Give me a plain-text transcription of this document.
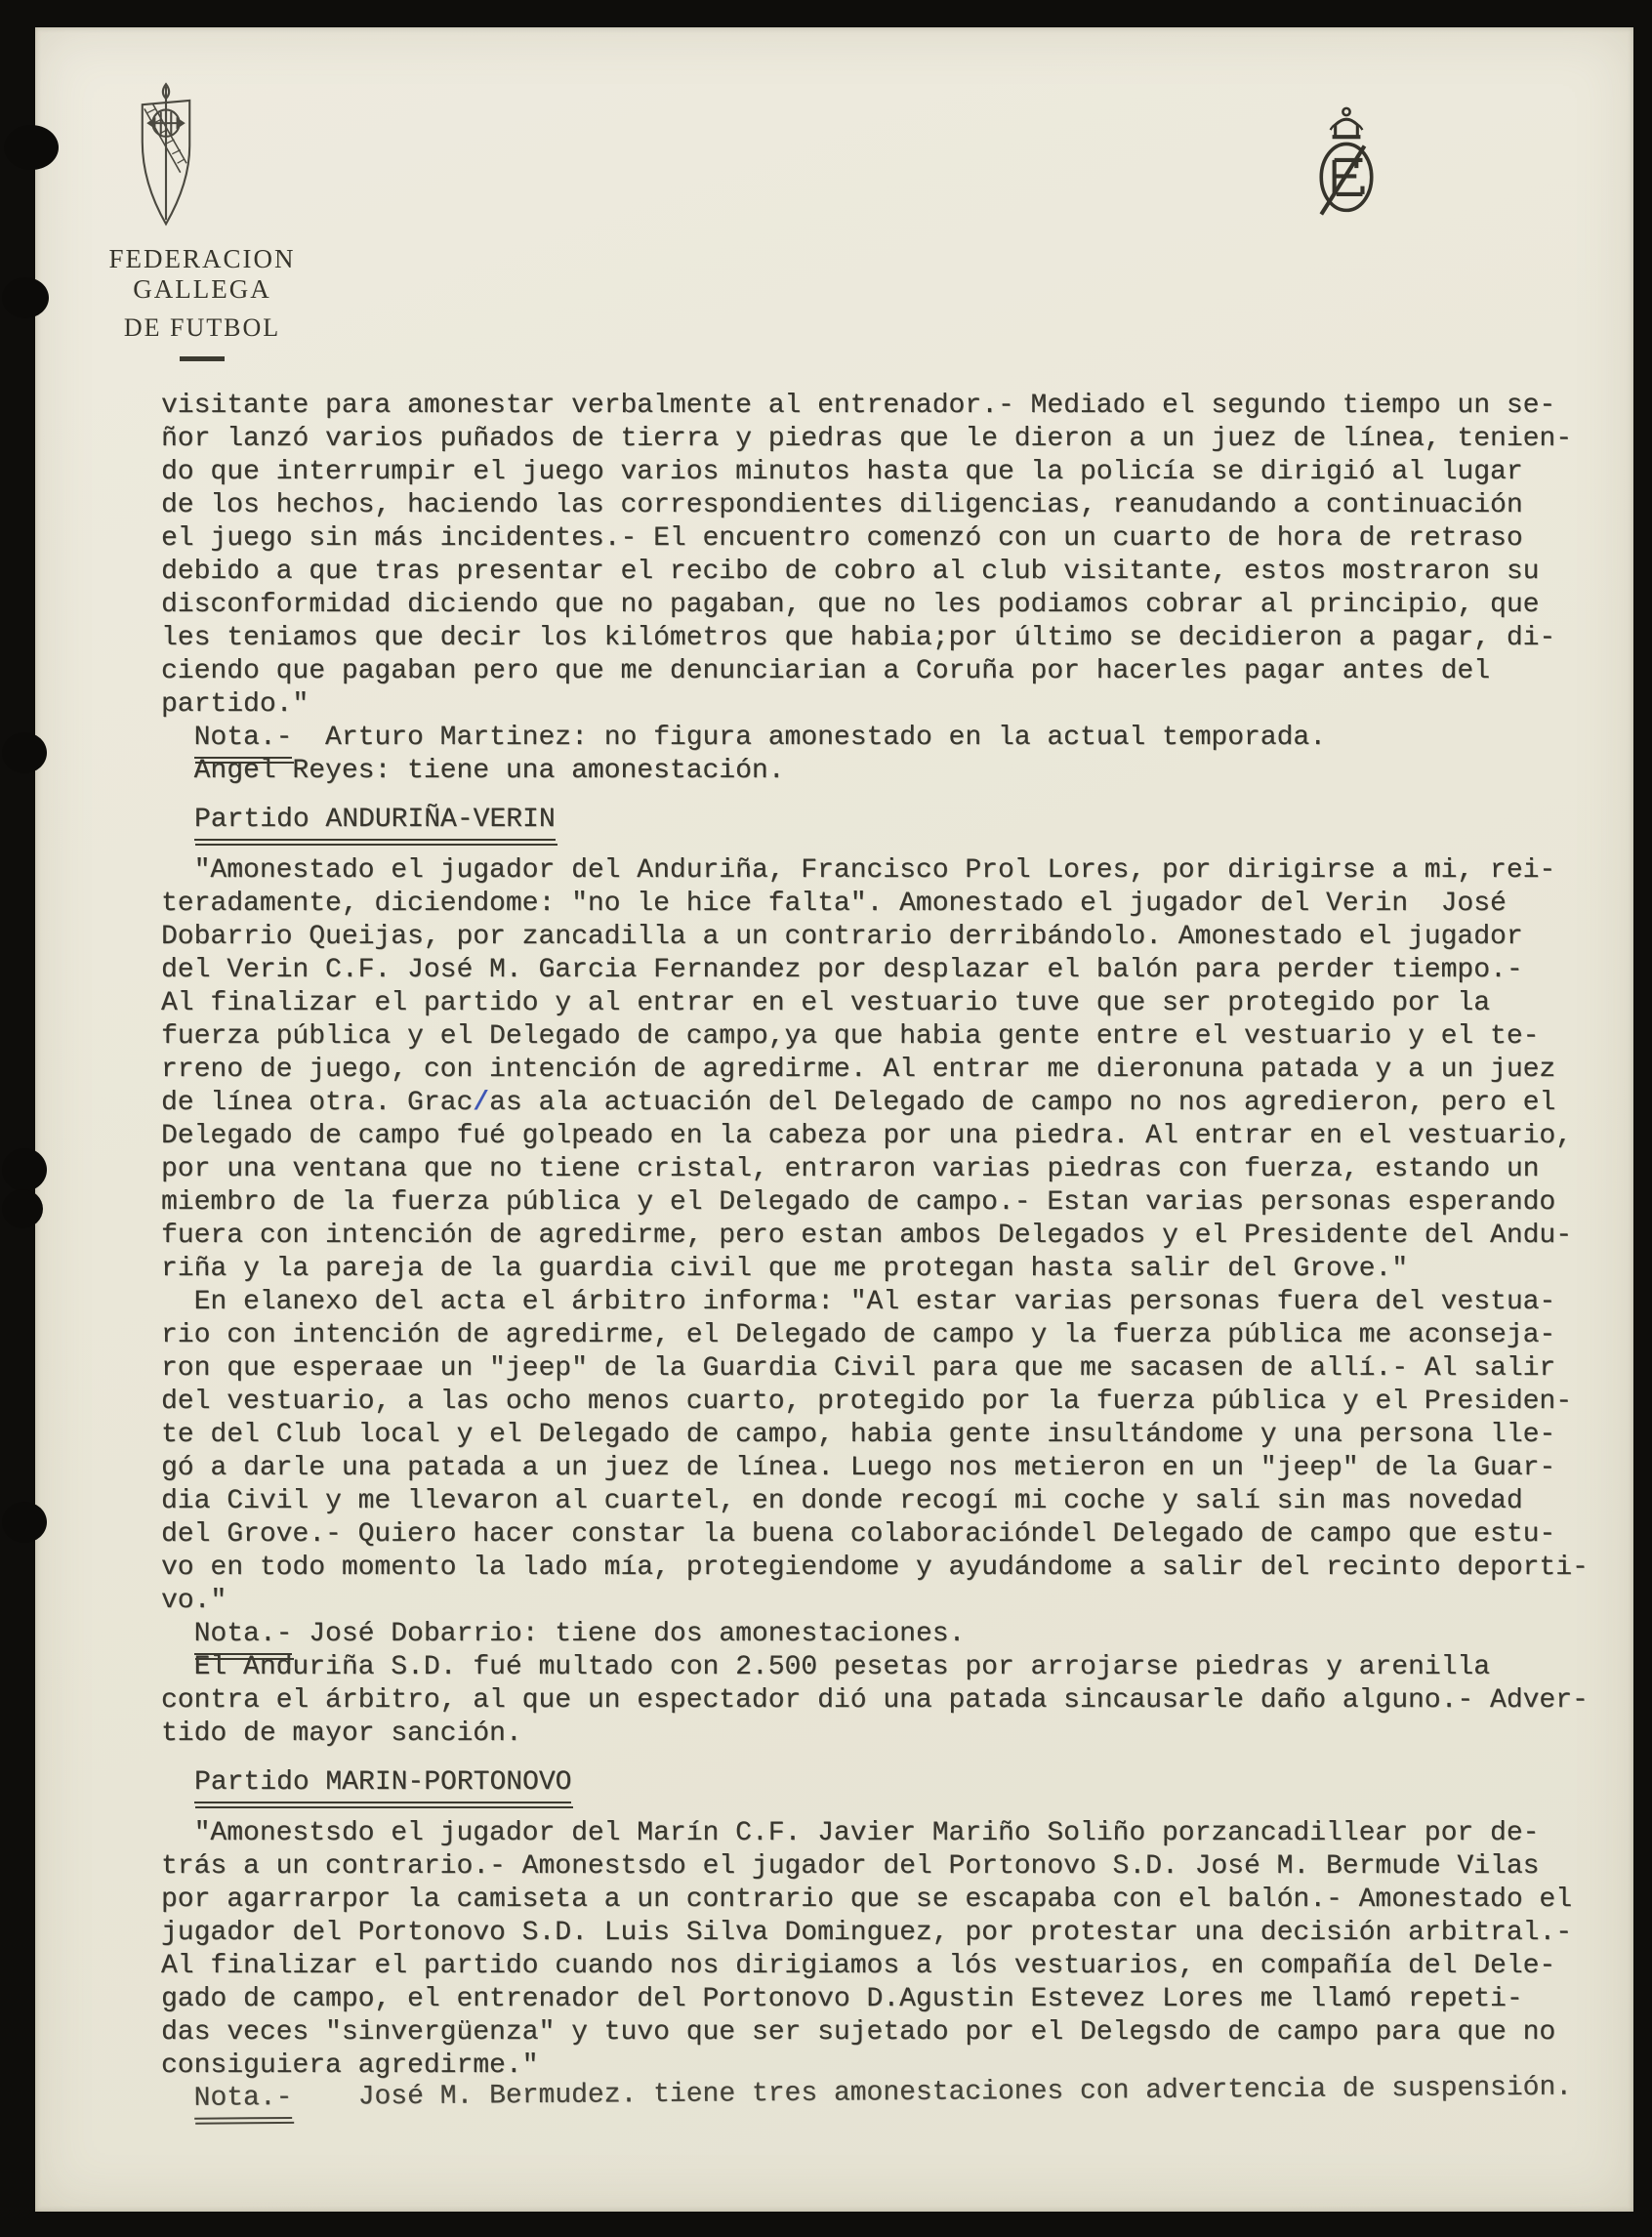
FEDERACION GALLEGA
DE FUTBOL
visitante para amonestar verbalmente al entrenador.- Mediado el segundo tiempo un se-
ñor lanzó varios puñados de tierra y piedras que le dieron a un juez de línea, tenien-
do que interrumpir el juego varios minutos hasta que la policía se dirigió al lugar
de los hechos, haciendo las correspondientes diligencias, reanudando a continuación
el juego sin más incidentes.- El encuentro comenzó con un cuarto de hora de retraso
debido a que tras presentar el recibo de cobro al club visitante, estos mostraron su
disconformidad diciendo que no pagaban, que no les podiamos cobrar al principio, que
les teniamos que decir los kilómetros que habia;por último se decidieron a pagar, di-
ciendo que pagaban pero que me denunciarian a Coruña por hacerles pagar antes del
partido."
Nota.-  Arturo Martinez: no figura amonestado en la actual temporada.
Angel Reyes: tiene una amonestación.
Partido ANDURIÑA-VERIN
"Amonestado el jugador del Anduriña, Francisco Prol Lores, por dirigirse a mi, rei-
teradamente, diciendome: "no le hice falta". Amonestado el jugador del Verin  José
Dobarrio Queijas, por zancadilla a un contrario derribándolo. Amonestado el jugador
del Verin C.F. José M. Garcia Fernandez por desplazar el balón para perder tiempo.-
Al finalizar el partido y al entrar en el vestuario tuve que ser protegido por la
fuerza pública y el Delegado de campo,ya que habia gente entre el vestuario y el te-
rreno de juego, con intención de agredirme. Al entrar me dieronuna patada y a un juez
de línea otra. Grac/as ala actuación del Delegado de campo no nos agredieron, pero el
Delegado de campo fué golpeado en la cabeza por una piedra. Al entrar en el vestuario,
por una ventana que no tiene cristal, entraron varias piedras con fuerza, estando un
miembro de la fuerza pública y el Delegado de campo.- Estan varias personas esperando
fuera con intención de agredirme, pero estan ambos Delegados y el Presidente del Andu-
riña y la pareja de la guardia civil que me protegan hasta salir del Grove."
En elanexo del acta el árbitro informa: "Al estar varias personas fuera del vestua-
rio con intención de agredirme, el Delegado de campo y la fuerza pública me aconseja-
ron que esperaae un "jeep" de la Guardia Civil para que me sacasen de allí.- Al salir
del vestuario, a las ocho menos cuarto, protegido por la fuerza pública y el Presiden-
te del Club local y el Delegado de campo, habia gente insultándome y una persona lle-
gó a darle una patada a un juez de línea. Luego nos metieron en un "jeep" de la Guar-
dia Civil y me llevaron al cuartel, en donde recogí mi coche y salí sin mas novedad
del Grove.- Quiero hacer constar la buena colaboracióndel Delegado de campo que estu-
vo en todo momento la lado mía, protegiendome y ayudándome a salir del recinto deporti-
vo."
Nota.- José Dobarrio: tiene dos amonestaciones.
El Anduriña S.D. fué multado con 2.500 pesetas por arrojarse piedras y arenilla
contra el árbitro, al que un espectador dió una patada sincausarle daño alguno.- Adver-
tido de mayor sanción.
Partido MARIN-PORTONOVO
"Amonestsdo el jugador del Marín C.F. Javier Mariño Soliño porzancadillear por de-
trás a un contrario.- Amonestsdo el jugador del Portonovo S.D. José M. Bermude Vilas
por agarrarpor la camiseta a un contrario que se escapaba con el balón.- Amonestado el
jugador del Portonovo S.D. Luis Silva Dominguez, por protestar una decisión arbitral.-
Al finalizar el partido cuando nos dirigiamos a lós vestuarios, en compañía del Dele-
gado de campo, el entrenador del Portonovo D.Agustin Estevez Lores me llamó repeti-
das veces "sinvergüenza" y tuvo que ser sujetado por el Delegsdo de campo para que no
consiguiera agredirme."
Nota.-    José M. Bermudez. tiene tres amonestaciones con advertencia de suspensión.
